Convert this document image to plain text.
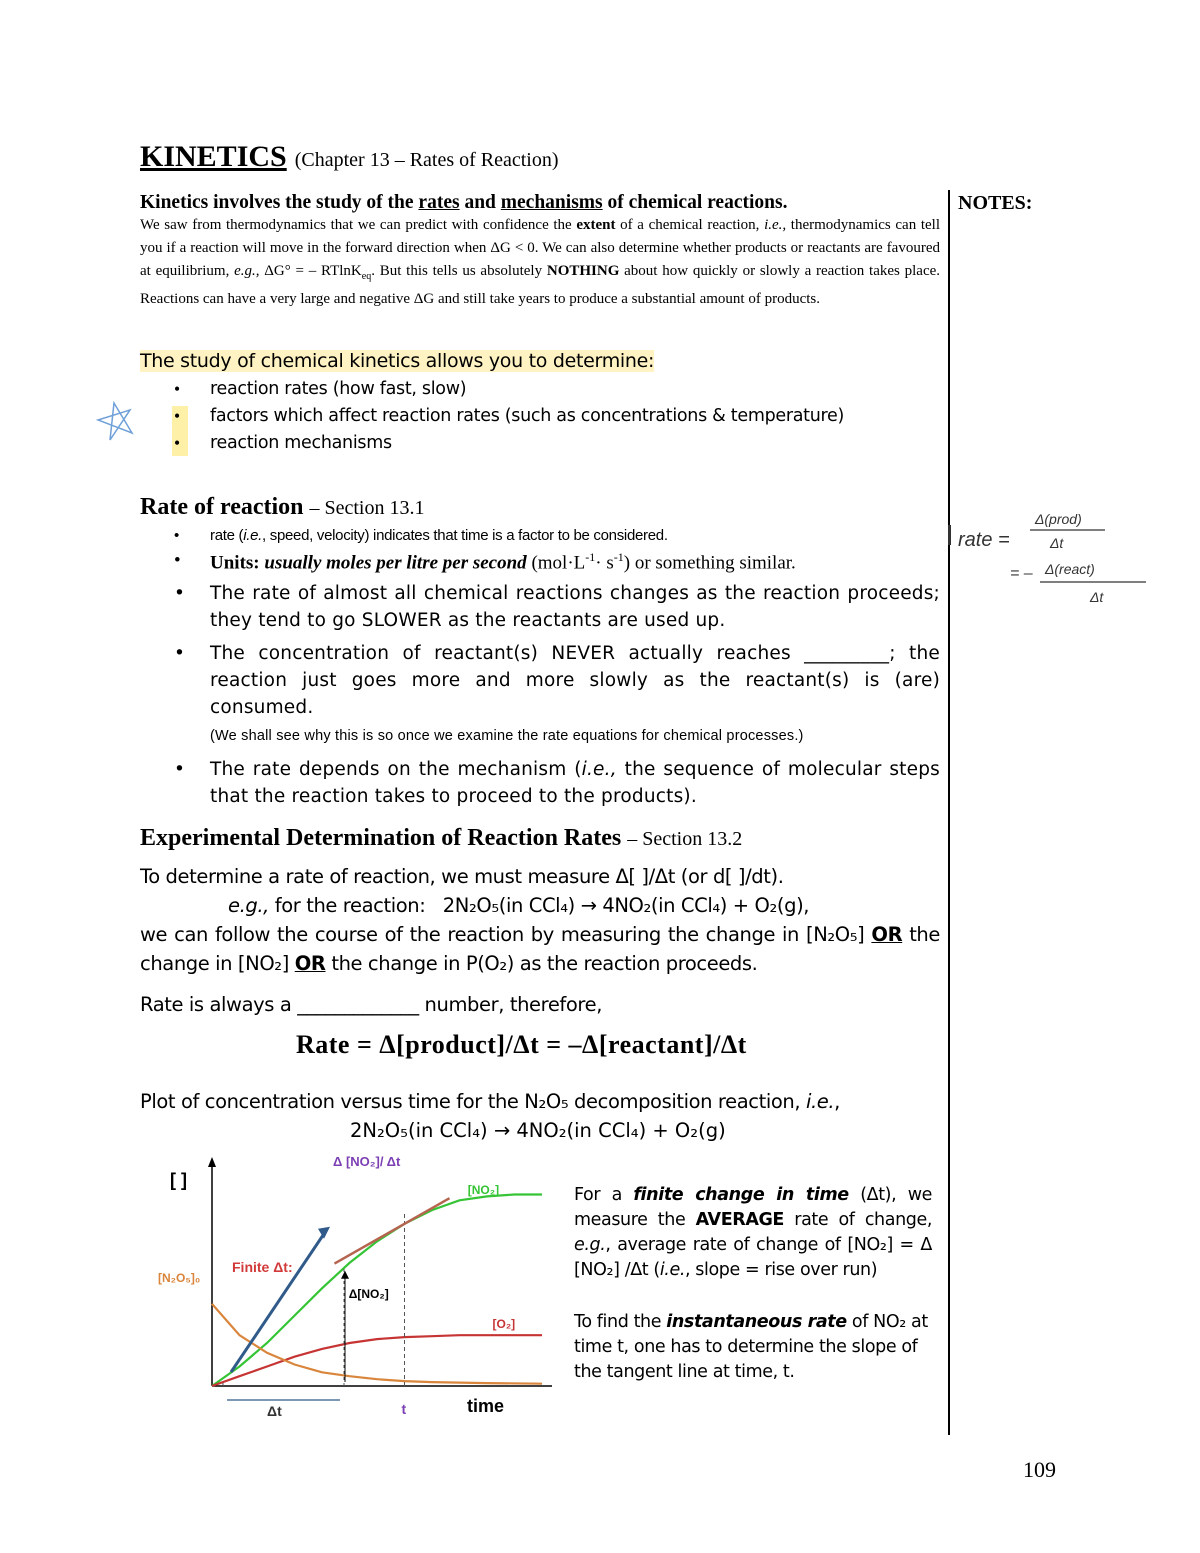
KINETICS (Chapter 13 – Rates of Reaction)
NOTES:
Kinetics involves the study of the rates and mechanisms of chemical reactions.
We saw from thermodynamics that we can predict with confidence the extent of a chemical reaction, i.e., thermodynamics can tell you if a reaction will move in the forward direction when ΔG < 0. We can also determine whether products or reactants are favoured at equilibrium, e.g., ΔG° = – RTlnK$_{eq}$. But this tells us absolutely NOTHING about how quickly or slowly a reaction takes place. Reactions can have a very large and negative ΔG and still take years to produce a substantial amount of products.
The study of chemical kinetics allows you to determine:
• reaction rates (how fast, slow)
• factors which affect reaction rates (such as concentrations & temperature)
• reaction mechanisms
Rate of reaction – Section 13.1
• rate (i.e., speed, velocity) indicates that time is a factor to be considered.
• Units: usually moles per litre per second $(mol\cdot L^{-1}\cdot s^{-1})$ or something similar.
• The rate of almost all chemical reactions changes as the reaction proceeds; they tend to go SLOWER as the reactants are used up.
• The concentration of reactant(s) NEVER actually reaches _________; the reaction just goes more and more slowly as the reactant(s) is (are) consumed.
(We shall see why this is so once we examine the rate equations for chemical processes.)
• The rate depends on the mechanism (i.e., the sequence of molecular steps that the reaction takes to proceed to the products).
Experimental Determination of Reaction Rates – Section 13.2
To determine a rate of reaction, we must measure Δ[ ]/Δt (or d[ ]/dt).
e.g., for the reaction: 2N₂O₅(in CCl₄) → 4NO₂(in CCl₄) + O₂(g),
we can follow the course of the reaction by measuring the change in [N₂O₅] OR the change in [NO₂] OR the change in P(O₂) as the reaction proceeds.
Rate is always a _____________ number, therefore,
Rate = Δ[product]/Δt = –Δ[reactant]/Δt
Plot of concentration versus time for the N₂O₅ decomposition reaction, i.e.,
2N₂O₅(in CCl₄) → 4NO₂(in CCl₄) + O₂(g)
[ ]
time
Δ[NO₂]
Δt	t
Δ [NO₂]/ Δt
Finite Δt:
[NO₂]
[O₂]
[N₂O₅]₀
For a finite change in time (Δt), we measure the AVERAGE rate of change, e.g., average rate of change of [NO₂] = Δ [NO₂] /Δt (i.e., slope = rise over run)
To find the instantaneous rate of NO₂ at time t, one has to determine the slope of the tangent line at time, t.
rate =
Δ(prod)
Δt
= – Δ(react)
Δt
109
